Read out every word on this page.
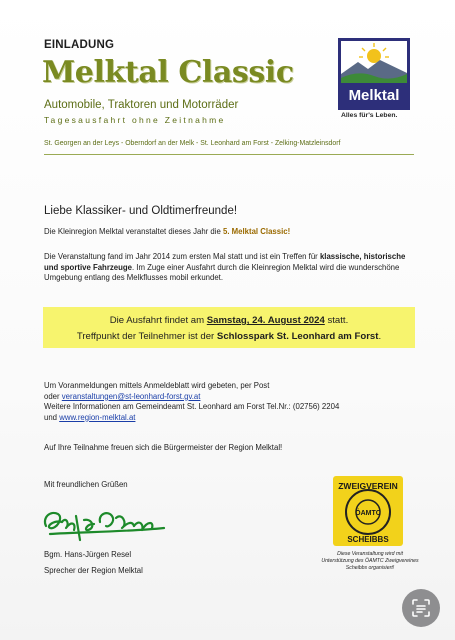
EINLADUNG
Melktal Classic
Automobile, Traktoren und Motorräder
Tagesausfahrt ohne Zeitnahme
St. Georgen an der Leys - Oberndorf an der Melk - St. Leonhard am Forst - Zelking-Matzleinsdorf
Melktal
Alles für's Leben.
Liebe Klassiker- und Oldtimerfreunde!

Die Kleinregion Melktal veranstaltet dieses Jahr die 5. Melktal Classic!

Die Veranstaltung fand im Jahr 2014 zum ersten Mal statt und ist ein Treffen für klassische, historische und sportive Fahrzeuge. Im Zuge einer Ausfahrt durch die Kleinregion Melktal wird die wunderschöne Umgebung entlang des Melkflusses mobil erkundet.

Die Ausfahrt findet am Samstag, 24. August 2024 statt.
Treffpunkt der Teilnehmer ist der Schlosspark St. Leonhard am Forst.

Um Voranmeldungen mittels Anmeldeblatt wird gebeten, per Post
oder veranstaltungen@st-leonhard-forst.gv.at
Weitere Informationen am Gemeindeamt St. Leonhard am Forst Tel.Nr.: (02756) 2204
und www.region-melktal.at

Auf Ihre Teilnahme freuen sich die Bürgermeister der Region Melktal!

Mit freundlichen Grüßen
Bgm. Hans-Jürgen Resel
Sprecher der Region Melktal
ZWEIGVEREIN
ÖAMTC
SCHEIBBS

Diese Veranstaltung wird mit Unterstützung des ÖAMTC Zweigvereines Scheibbs organisiert!
